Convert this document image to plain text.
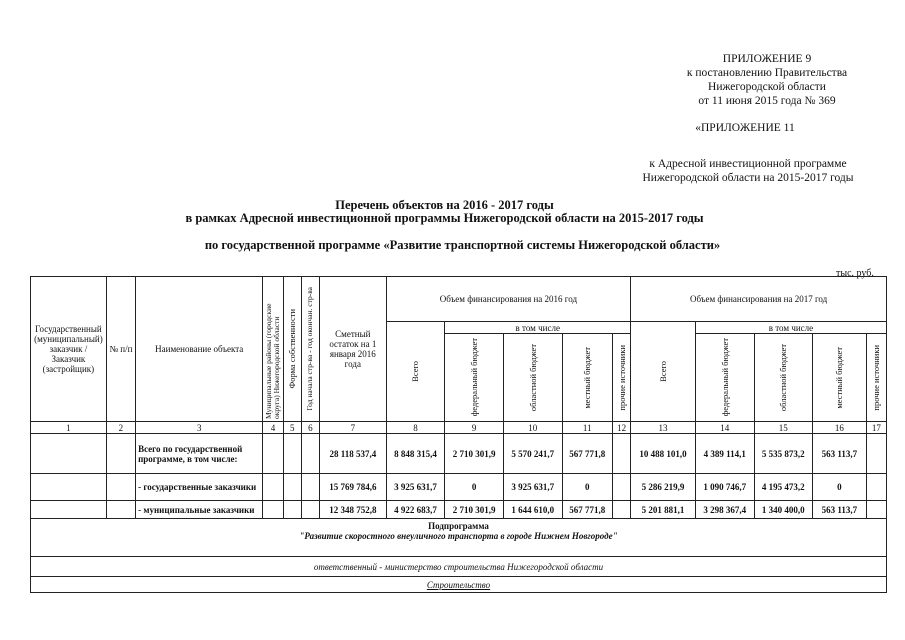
ПРИЛОЖЕНИЕ 9
к постановлению Правительства
Нижегородской области
от 11 июня 2015 года № 369
«ПРИЛОЖЕНИЕ 11
к Адресной инвестиционной программе
Нижегородской области на 2015-2017 годы
Перечень объектов на 2016 - 2017 годы
в рамках Адресной инвестиционной программы Нижегородской области на 2015-2017 годы
по государственной программе «Развитие транспортной системы Нижегородской области»
тыс. руб.
Государственный (муниципальный) заказчик / Заказчик (застройщик)	№ п/п	Наименование объекта	Муниципальные районы (городские округа) Нижегородской области	Форма собственности	Год начала стр-ва - год окончан. стр-ва	Сметный остаток на 1 января 2016 года	Объем финансирования на 2016 год					Объем финансирования на 2017 год				

							Всего	в том числе				Всего	в том числе			

								федеральный бюджет	областной бюджет	местный бюджет	прочие источники		федеральный бюджет	областной бюджет	местный бюджет	прочие источники

1	2	3	4	5	6	7	8	9	10	11	12	13	14	15	16	17
		Всего по государственной программе, в том числе:				28 118 537,4	8 848 315,4	2 710 301,9	5 570 241,7	567 771,8		10 488 101,0	4 389 114,1	5 535 873,2	563 113,7	
		- государственные заказчики				15 769 784,6	3 925 631,7	0	3 925 631,7	0		5 286 219,9	1 090 746,7	4 195 473,2	0	
		- муниципальные заказчики				12 348 752,8	4 922 683,7	2 710 301,9	1 644 610,0	567 771,8		5 201 881,1	3 298 367,4	1 340 400,0	563 113,7	

Подпрограмма
"Развитие скоростного внеуличного транспорта в городе Нижнем Новгороде"																

ответственный - министерство строительства Нижегородской области																
Строительство																
